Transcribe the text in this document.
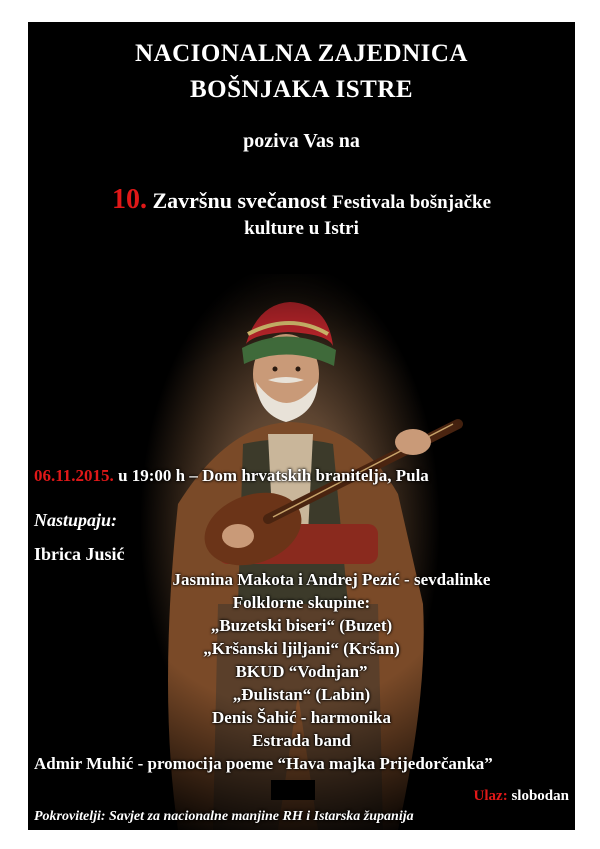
NACIONALNA ZAJEDNICA
BOŠNJAKA ISTRE
poziva Vas na
10. Završnu svečanost Festivala bošnjačke
kulture u Istri
06.11.2015. u 19:00 h – Dom hrvatskih branitelja, Pula
Nastupaju:
Ibrica Jusić
Jasmina Makota i Andrej Pezić - sevdalinke
Folklorne skupine:
„Buzetski biseri“ (Buzet)
„Kršanski ljiljani“ (Kršan)
BKUD “Vodnjan”
„Đulistan“ (Labin)
Denis Šahić - harmonika
Estrada band
Admir Muhić - promocija poeme “Hava majka Prijedorčanka”
Ulaz: slobodan
Pokrovitelji: Savjet za nacionalne manjine RH i Istarska županija
